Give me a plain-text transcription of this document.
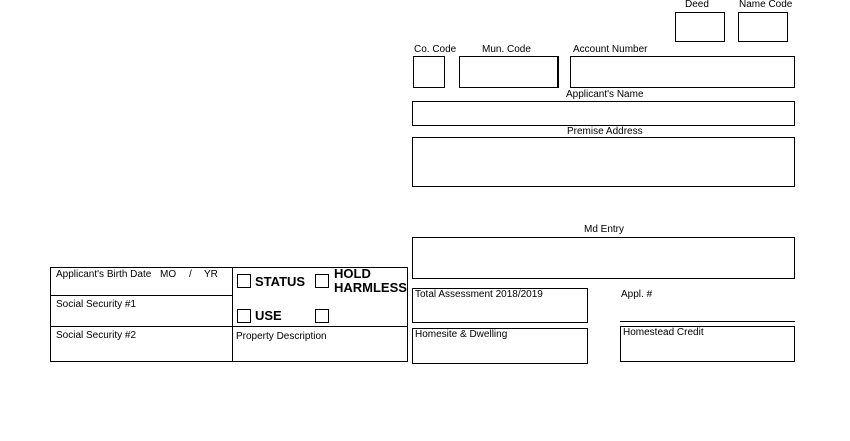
Deed	Name Code
Co. Code	Mun. Code	Account Number
Applicant's Name
Premise Address
Md Entry
Applicant's Birth Date MO / YR
Social Security #1
Social Security #2
STATUS
HOLD
HARMLESS
USE
Property Description
Total Assessment 2018/2019	Appl. #
Homesite & Dwelling	Homestead Credit
